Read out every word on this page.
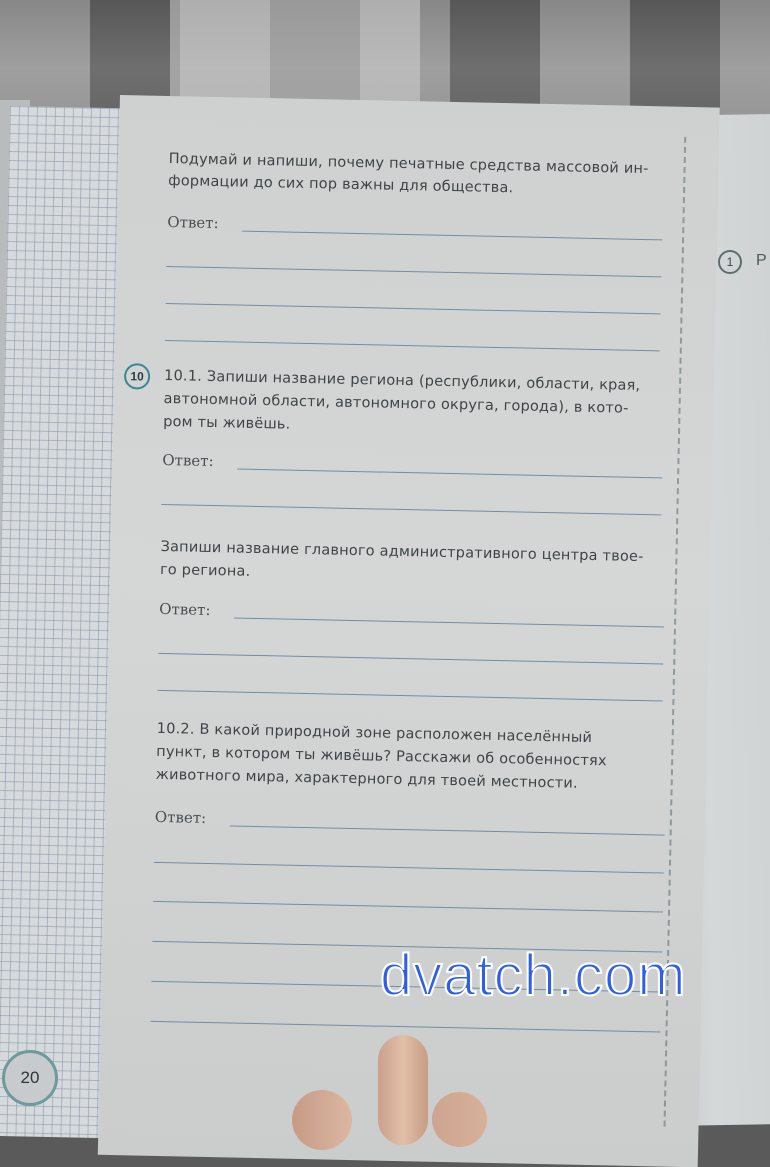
1	Р
Подумай и напиши, почему печатные средства массовой ин-
формации до сих пор важны для общества.
Ответ:
10	10.1. Запиши название региона (республики, области, края,
автономной области, автономного округа, города), в кото-
ром ты живёшь.
Ответ:
Запиши название главного административного центра твое-
го региона.
Ответ:
10.2. В какой природной зоне расположен населённый
пункт, в котором ты живёшь? Расскажи об особенностях
животного мира, характерного для твоей местности.
Ответ:
20
dvatch.com
